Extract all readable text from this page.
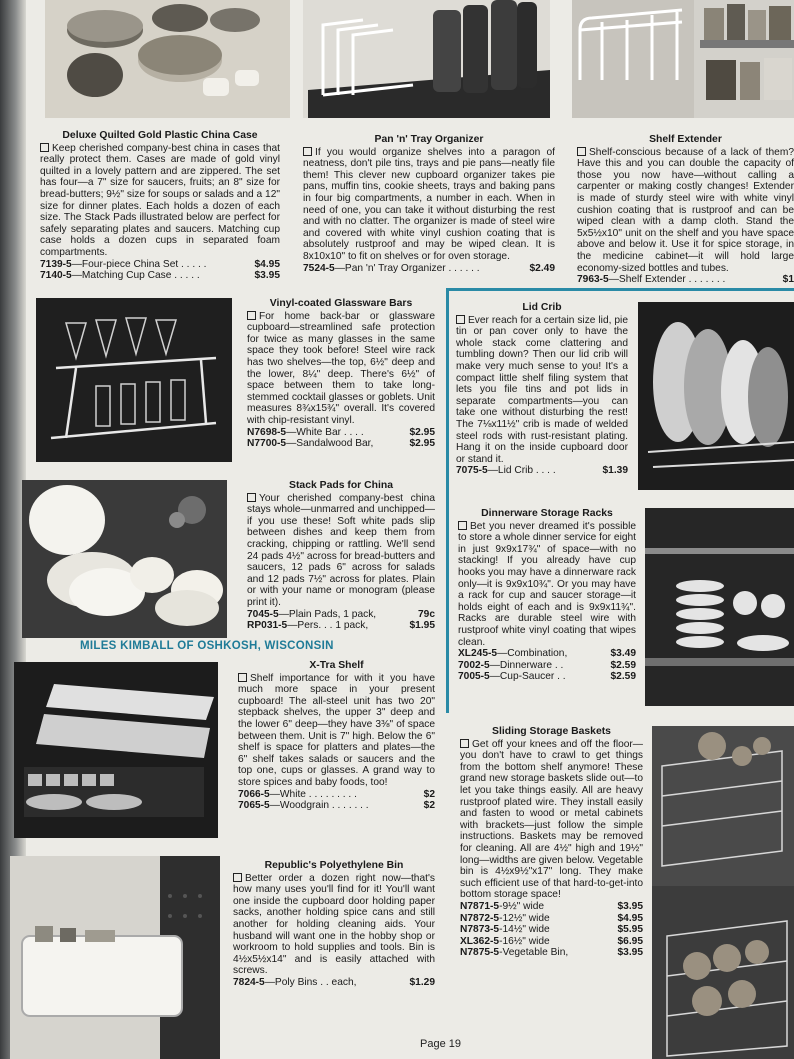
Deluxe Quilted Gold Plastic China Case

Keep cherished company-best china in cases that really protect them. Cases are made of gold vinyl quilted in a lovely pattern and are zippered. The set has four—a 7" size for saucers, fruits; an 8" size for bread-butters; 9½" size for soups or salads and a 12" size for dinner plates. Each holds a dozen of each size. The Stack Pads illustrated below are perfect for safely separating plates and saucers. Matching cup case holds a dozen cups in separated foam compartments.

7139-5—Four-piece China Set . . . . .	$4.95
7140-5—Matching Cup Case . . . . .	$3.95
Pan 'n' Tray Organizer

If you would organize shelves into a paragon of neatness, don't pile tins, trays and pie pans—neatly file them! This clever new cupboard organizer takes pie pans, muffin tins, cookie sheets, trays and baking pans in four big compartments, a number in each. When in need of one, you can take it without disturbing the rest and with no clatter. The organizer is made of steel wire and covered with white vinyl cushion coating that is absolutely rustproof and may be wiped clean. It is 8x10x10" to fit on shelves or for oven storage.

7524-5—Pan 'n' Tray Organizer . . . . . .	$2.49
Shelf Extender

Shelf-conscious because of a lack of them? Have this and you can double the capacity of those you now have—without calling a carpenter or making costly changes! Extender is made of sturdy steel wire with white vinyl cushion coating that is rustproof and can be wiped clean with a damp cloth. Stand the 5x5½x10" unit on the shelf and you have space above and below it. Use it for spice storage, in the medicine cabinet—it will hold large economy-sized bottles and tubes.

7963-5—Shelf Extender . . . . . . .	$1
Vinyl-coated Glassware Bars

For home back-bar or glassware cupboard—streamlined safe protection for twice as many glasses in the same space they took before! Steel wire rack has two shelves—the top, 6½" deep and the lower, 8¼" deep. There's 6½" of space between them to take long-stemmed cocktail glasses or goblets. Unit measures 8¾x15¾" overall. It's covered with chip-resistant vinyl.

N7698-5—White Bar . . . .	$2.95
N7700-5—Sandalwood Bar,	$2.95
Stack Pads for China

Your cherished company-best china stays whole—unmarred and unchipped—if you use these! Soft white pads slip between dishes and keep them from cracking, chipping or rattling. We'll send 24 pads 4½" across for bread-butters and saucers, 12 pads 6" across for salads and 12 pads 7½" across for plates. Plain or with your name or monogram (please print it).

7045-5—Plain Pads, 1 pack,	79c
RP031-5—Pers. . . 1 pack,	$1.95
MILES KIMBALL OF OSHKOSH, WISCONSIN
X-Tra Shelf

Shelf importance for with it you have much more space in your present cupboard! The all-steel unit has two 20" stepback shelves, the upper 3" deep and the lower 6" deep—they have 3⅜" of space between them. Unit is 7" high. Below the 6" shelf is space for platters and plates—the 6" shelf takes salads or saucers and the top one, cups or glasses. A grand way to store spices and baby foods, too!

7066-5—White . . . . . . . . .	$2
7065-5—Woodgrain . . . . . . .	$2
Republic's Polyethylene Bin

Better order a dozen right now—that's how many uses you'll find for it! You'll want one inside the cupboard door holding paper sacks, another holding spice cans and still another for holding cleaning aids. Your husband will want one in the hobby shop or workroom to hold supplies and tools. Bin is 4½x5½x14" and is easily attached with screws.

7824-5—Poly Bins . . each,	$1.29
Lid Crib

Ever reach for a certain size lid, pie tin or pan cover only to have the whole stack come clattering and tumbling down? Then our lid crib will make very much sense to you! It's a compact little shelf filing system that lets you file tins and pot lids in separate compartments—you can take one without disturbing the rest! The 7⅛x11½" crib is made of welded steel rods with rust-resistant plating. Hang it on the inside cupboard door or stand it.

7075-5—Lid Crib . . . .	$1.39
Dinnerware Storage Racks

Bet you never dreamed it's possible to store a whole dinner service for eight in just 9x9x17¾" of space—with no stacking! If you already have cup hooks you may have a dinnerware rack only—it is 9x9x10¾". Or you may have a rack for cup and saucer storage—it holds eight of each and is 9x9x11¾". Racks are durable steel wire with rustproof white vinyl coating that wipes clean.

XL245-5—Combination,	$3.49
7002-5—Dinnerware . .	$2.59
7005-5—Cup-Saucer . .	$2.59
Sliding Storage Baskets

Get off your knees and off the floor—you don't have to crawl to get things from the bottom shelf anymore! These grand new storage baskets slide out—to let you take things easily. All are heavy rustproof plated wire. They install easily and fasten to wood or metal cabinets with brackets—just follow the simple instructions. Baskets may be removed for cleaning. All are 4½" high and 19½" long—widths are given below. Vegetable bin is 4½x9½"x17" long. They make such efficient use of that hard-to-get-into bottom storage space!

N7871-5-9½" wide	$3.95
N7872-5-12½" wide	$4.95
N7873-5-14½" wide	$5.95
XL362-5-16½" wide	$6.95
N7875-5-Vegetable Bin,	$3.95
Page 19
